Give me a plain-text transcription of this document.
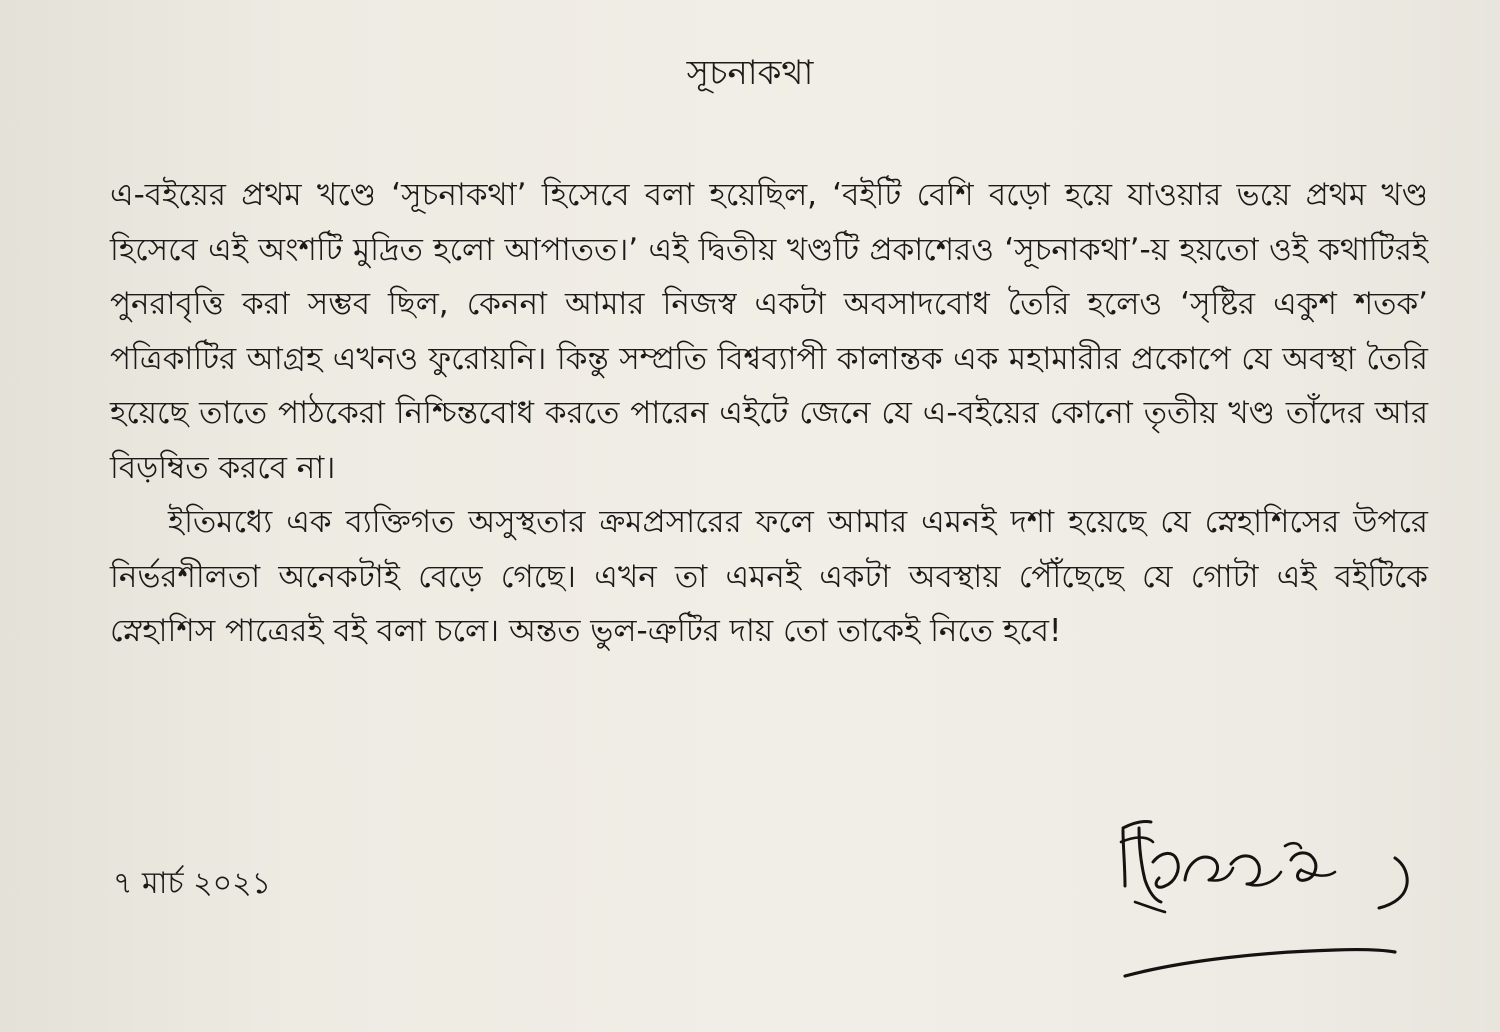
সূচনাকথা

এ-বইয়ের প্রথম খণ্ডে ‘সূচনাকথা’ হিসেবে বলা হয়েছিল, ‘বইটি বেশি বড়ো হয়ে যাওয়ার ভয়ে প্রথম খণ্ড হিসেবে এই অংশটি মুদ্রিত হলো আপাতত।’ এই দ্বিতীয় খণ্ডটি প্রকাশেরও ‘সূচনাকথা’-য় হয়তো ওই কথাটিরই পুনরাবৃত্তি করা সম্ভব ছিল, কেননা আমার নিজস্ব একটা অবসাদবোধ তৈরি হলেও ‘সৃষ্টির একুশ শতক’ পত্রিকাটির আগ্রহ এখনও ফুরোয়নি। কিন্তু সম্প্রতি বিশ্বব্যাপী কালান্তক এক মহামারীর প্রকোপে যে অবস্থা তৈরি হয়েছে তাতে পাঠকেরা নিশ্চিন্তবোধ করতে পারেন এইটে জেনে যে এ-বইয়ের কোনো তৃতীয় খণ্ড তাঁদের আর বিড়ম্বিত করবে না।

ইতিমধ্যে এক ব্যক্তিগত অসুস্থতার ক্রমপ্রসারের ফলে আমার এমনই দশা হয়েছে যে স্নেহাশিসের উপরে নির্ভরশীলতা অনেকটাই বেড়ে গেছে। এখন তা এমনই একটা অবস্থায় পৌঁছেছে যে গোটা এই বইটিকে স্নেহাশিস পাত্রেরই বই বলা চলে। অন্তত ভুল-ত্রুটির দায় তো তাকেই নিতে হবে!

৭ মার্চ ২০২১
